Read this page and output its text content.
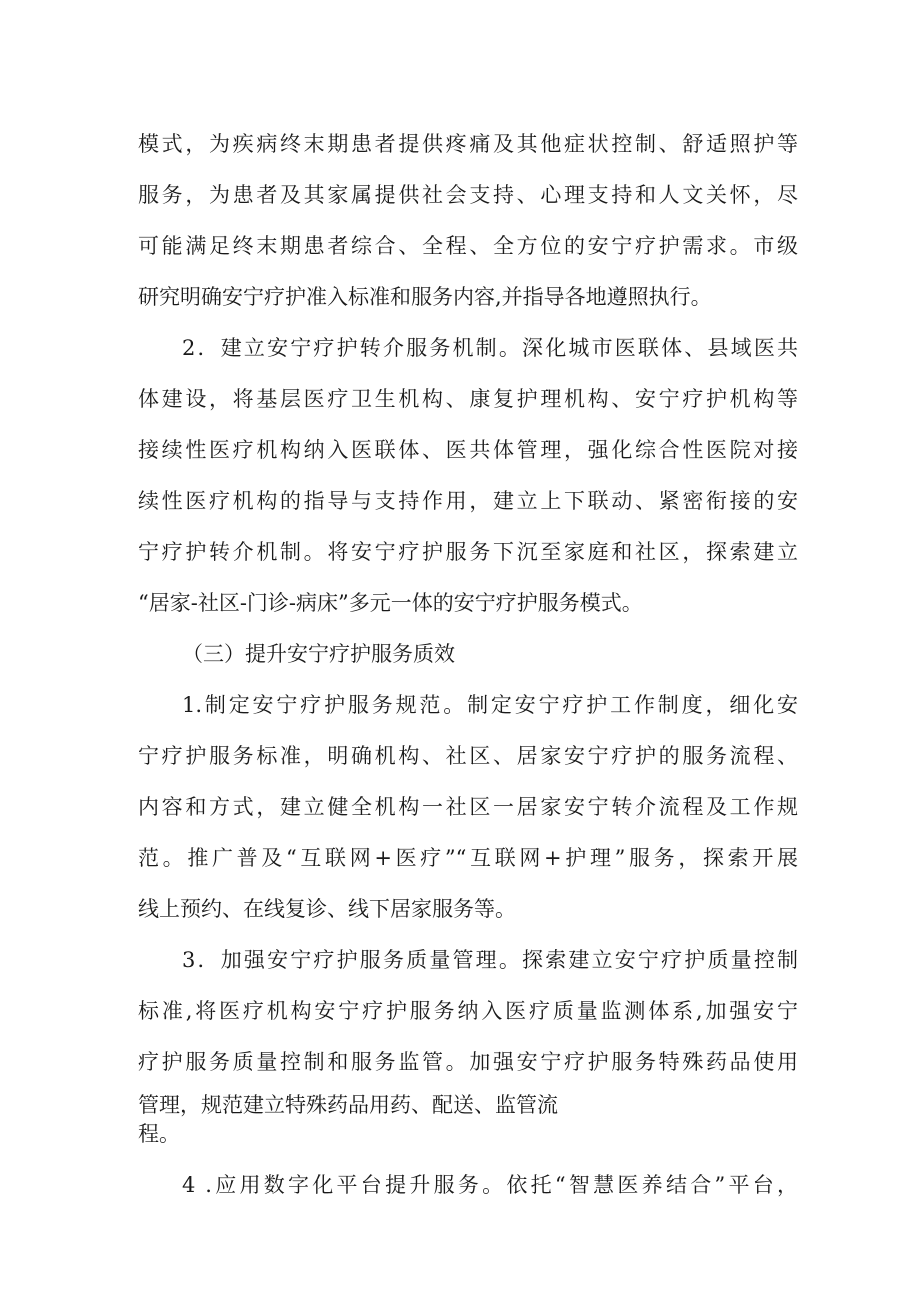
模式，为疾病终末期患者提供疼痛及其他症状控制、舒适照护等
服务，为患者及其家属提供社会支持、心理支持和人文关怀，尽
可能满足终末期患者综合、全程、全方位的安宁疗护需求。市级
研究明确安宁疗护准入标准和服务内容,并指导各地遵照执行。
2．建立安宁疗护转介服务机制。深化城市医联体、县域医共
体建设，将基层医疗卫生机构、康复护理机构、安宁疗护机构等
接续性医疗机构纳入医联体、医共体管理，强化综合性医院对接
续性医疗机构的指导与支持作用，建立上下联动、紧密衔接的安
宁疗护转介机制。将安宁疗护服务下沉至家庭和社区，探索建立
“居家-社区-门诊-病床”多元一体的安宁疗护服务模式。
（三）提升安宁疗护服务质效
1.制定安宁疗护服务规范。制定安宁疗护工作制度，细化安
宁疗护服务标准，明确机构、社区、居家安宁疗护的服务流程、
内容和方式，建立健全机构一社区一居家安宁转介流程及工作规
范。推广普及“互联网+医疗”“互联网+护理”服务，探索开展
线上预约、在线复诊、线下居家服务等。
3．加强安宁疗护服务质量管理。探索建立安宁疗护质量控制
标准,将医疗机构安宁疗护服务纳入医疗质量监测体系,加强安宁
疗护服务质量控制和服务监管。加强安宁疗护服务特殊药品使用
管理，规范建立特殊药品用药、配送、监管流
程。
4 .应用数字化平台提升服务。依托“智慧医养结合”平台，
